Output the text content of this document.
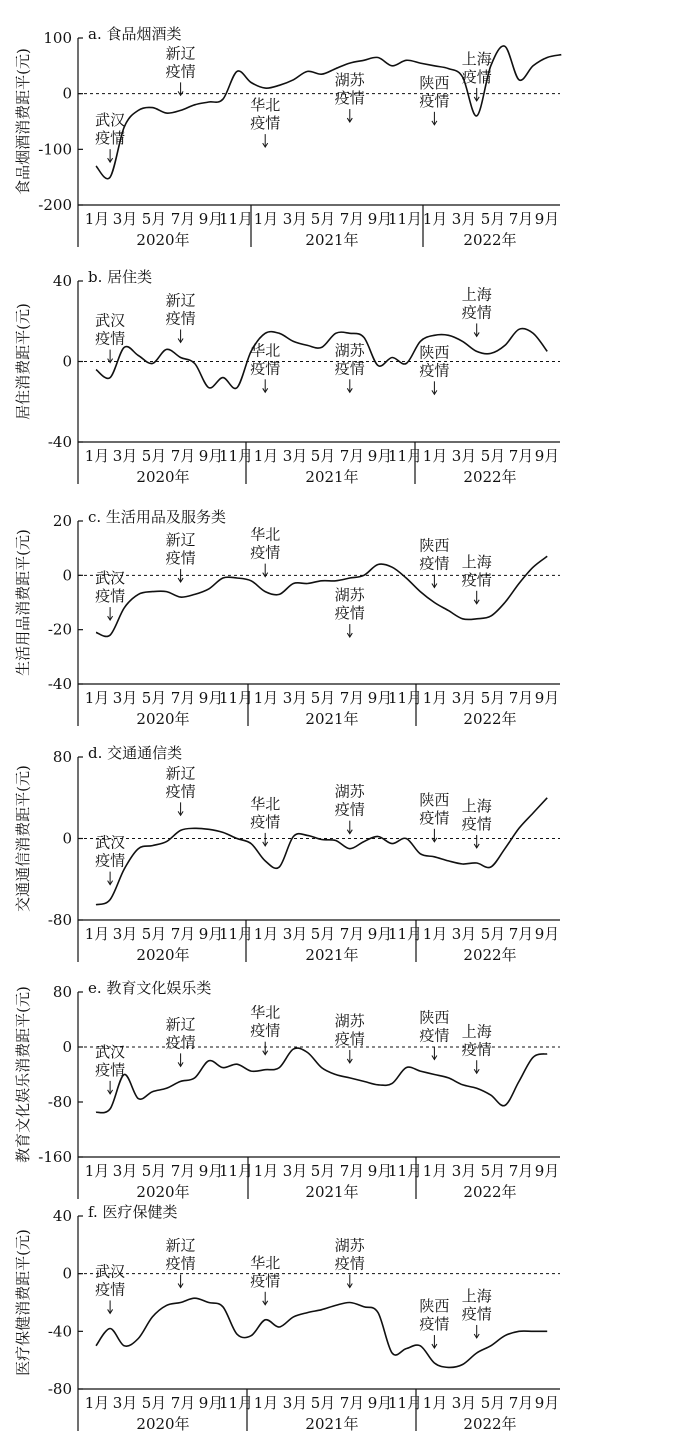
100
0
-100
-200
1月 3月 5月 7月 9月
11月 1月 3月 5月 7月 9月
11月 1月 3月 5月 7月 9月
2020年	2021年	2022年
a. 食品烟酒类
食品烟酒消费距平(元)	武汉
疫情
新辽
疫情
华北
疫情
湖苏
疫情
陕西
疫情
上海
疫情
40
0
-40
1月 3月 5月 7月 9月
11月 1月 3月 5月 7月 9月
11月 1月 3月 5月 7月 9月
2020年	2021年	2022年
b. 居住类
居住消费距平(元)	武汉
疫情
新辽
疫情
华北
疫情
湖苏
疫情
陕西
疫情
上海
疫情
20
0
-20
-40
1月 3月 5月 7月 9月
11月 1月 3月 5月 7月 9月
11月 1月 3月 5月 7月 9月
2020年	2021年	2022年
c. 生活用品及服务类
生活用品消费距平(元)	武汉
疫情
新辽
疫情
华北
疫情
湖苏
疫情
陕西
疫情 上海
疫情
80
0
-80
1月 3月 5月 7月 9月
11月 1月 3月 5月 7月 9月
11月 1月 3月 5月 7月 9月
2020年	2021年	2022年
d. 交通通信类
交通通信消费距平(元)	武汉
疫情
新辽
疫情
华北
疫情
湖苏
疫情
陕西
疫情
上海
疫情
80
0
-80
-160
1月 3月 5月 7月 9月
11月 1月 3月 5月 7月 9月
11月 1月 3月 5月 7月 9月
2020年	2021年	2022年
e. 教育文化娱乐类
教育文化娱乐消费距平(元)	武汉
疫情
新辽
疫情
华北
疫情
湖苏
疫情
陕西
疫情 上海
疫情
40
0
-40
-80
1月 3月 5月 7月 9月
11月 1月 3月 5月 7月 9月
11月 1月 3月 5月 7月 9月
2020年	2021年	2022年
f. 医疗保健类
医疗保健消费距平(元)	武汉
疫情
新辽
疫情	华北
疫情
湖苏
疫情
陕西
疫情
上海
疫情
